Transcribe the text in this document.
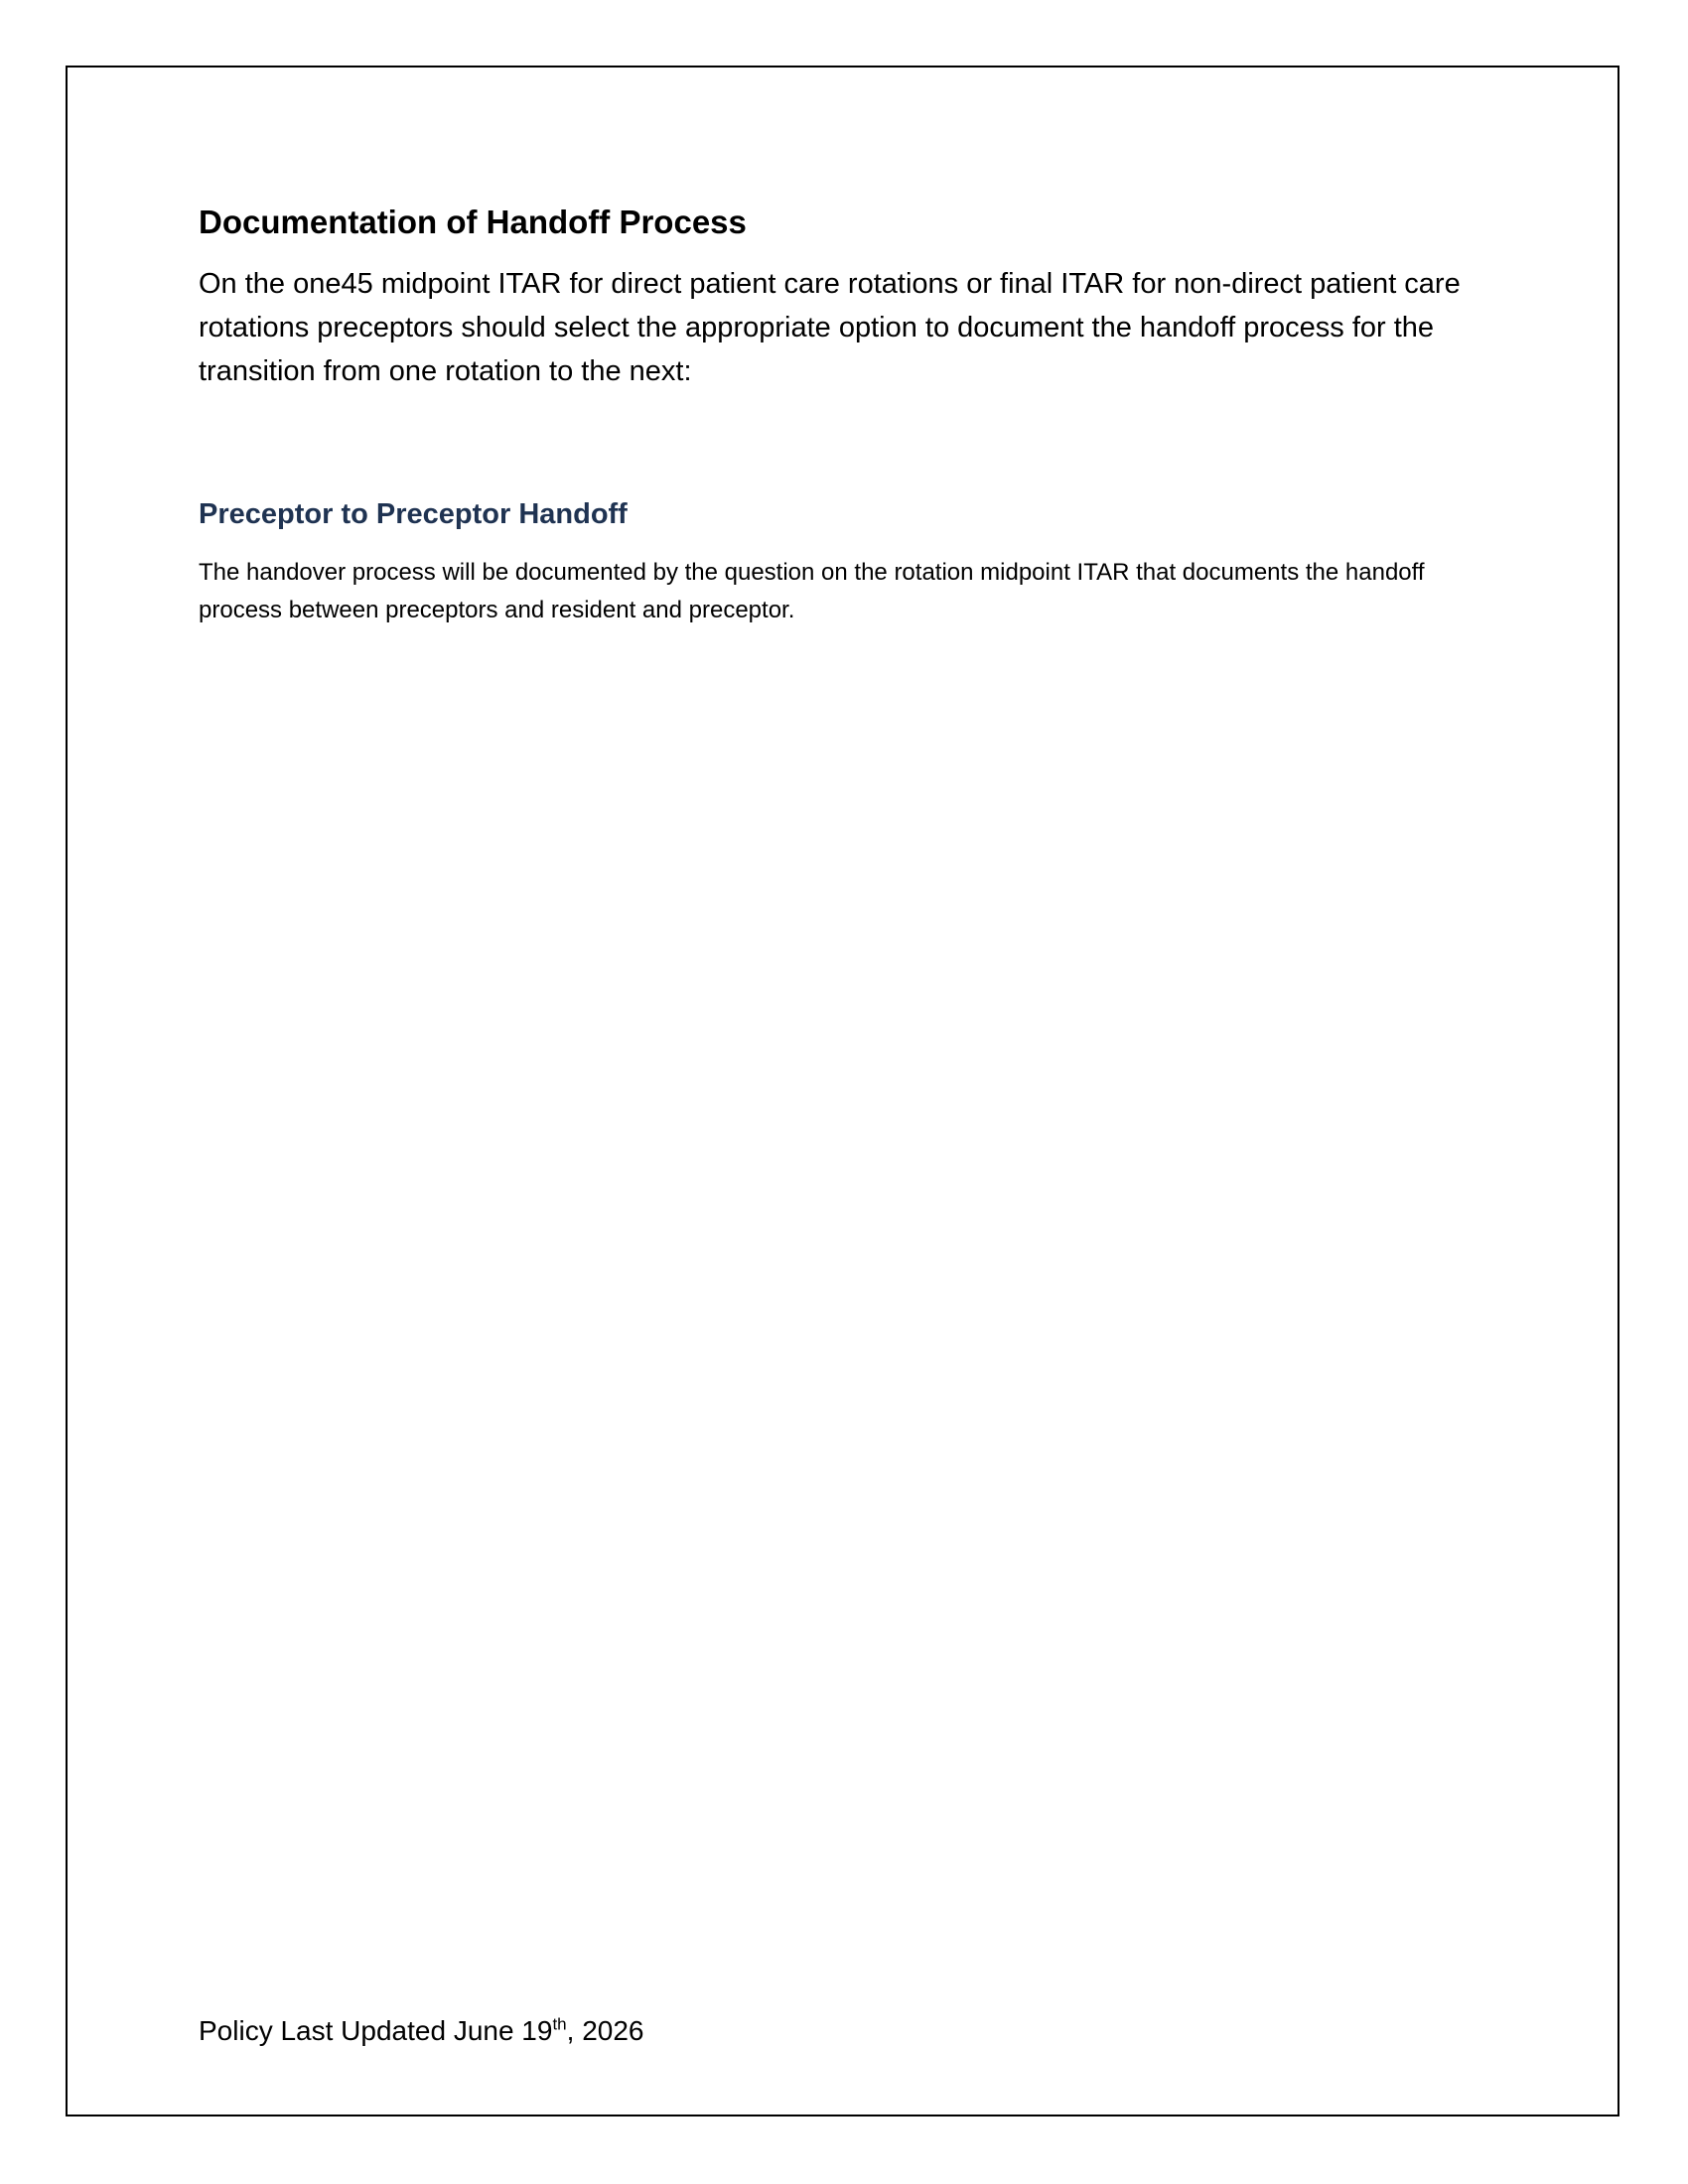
Documentation of Handoff Process

On the one45 midpoint ITAR for direct patient care rotations or final ITAR for non-direct patient care rotations preceptors should select the appropriate option to document the handoff process for the transition from one rotation to the next:

Preceptor to Preceptor Handoff

The handover process will be documented by the question on the rotation midpoint ITAR that documents the handoff process between preceptors and resident and preceptor.

Policy Last Updated June 19th, 2026
